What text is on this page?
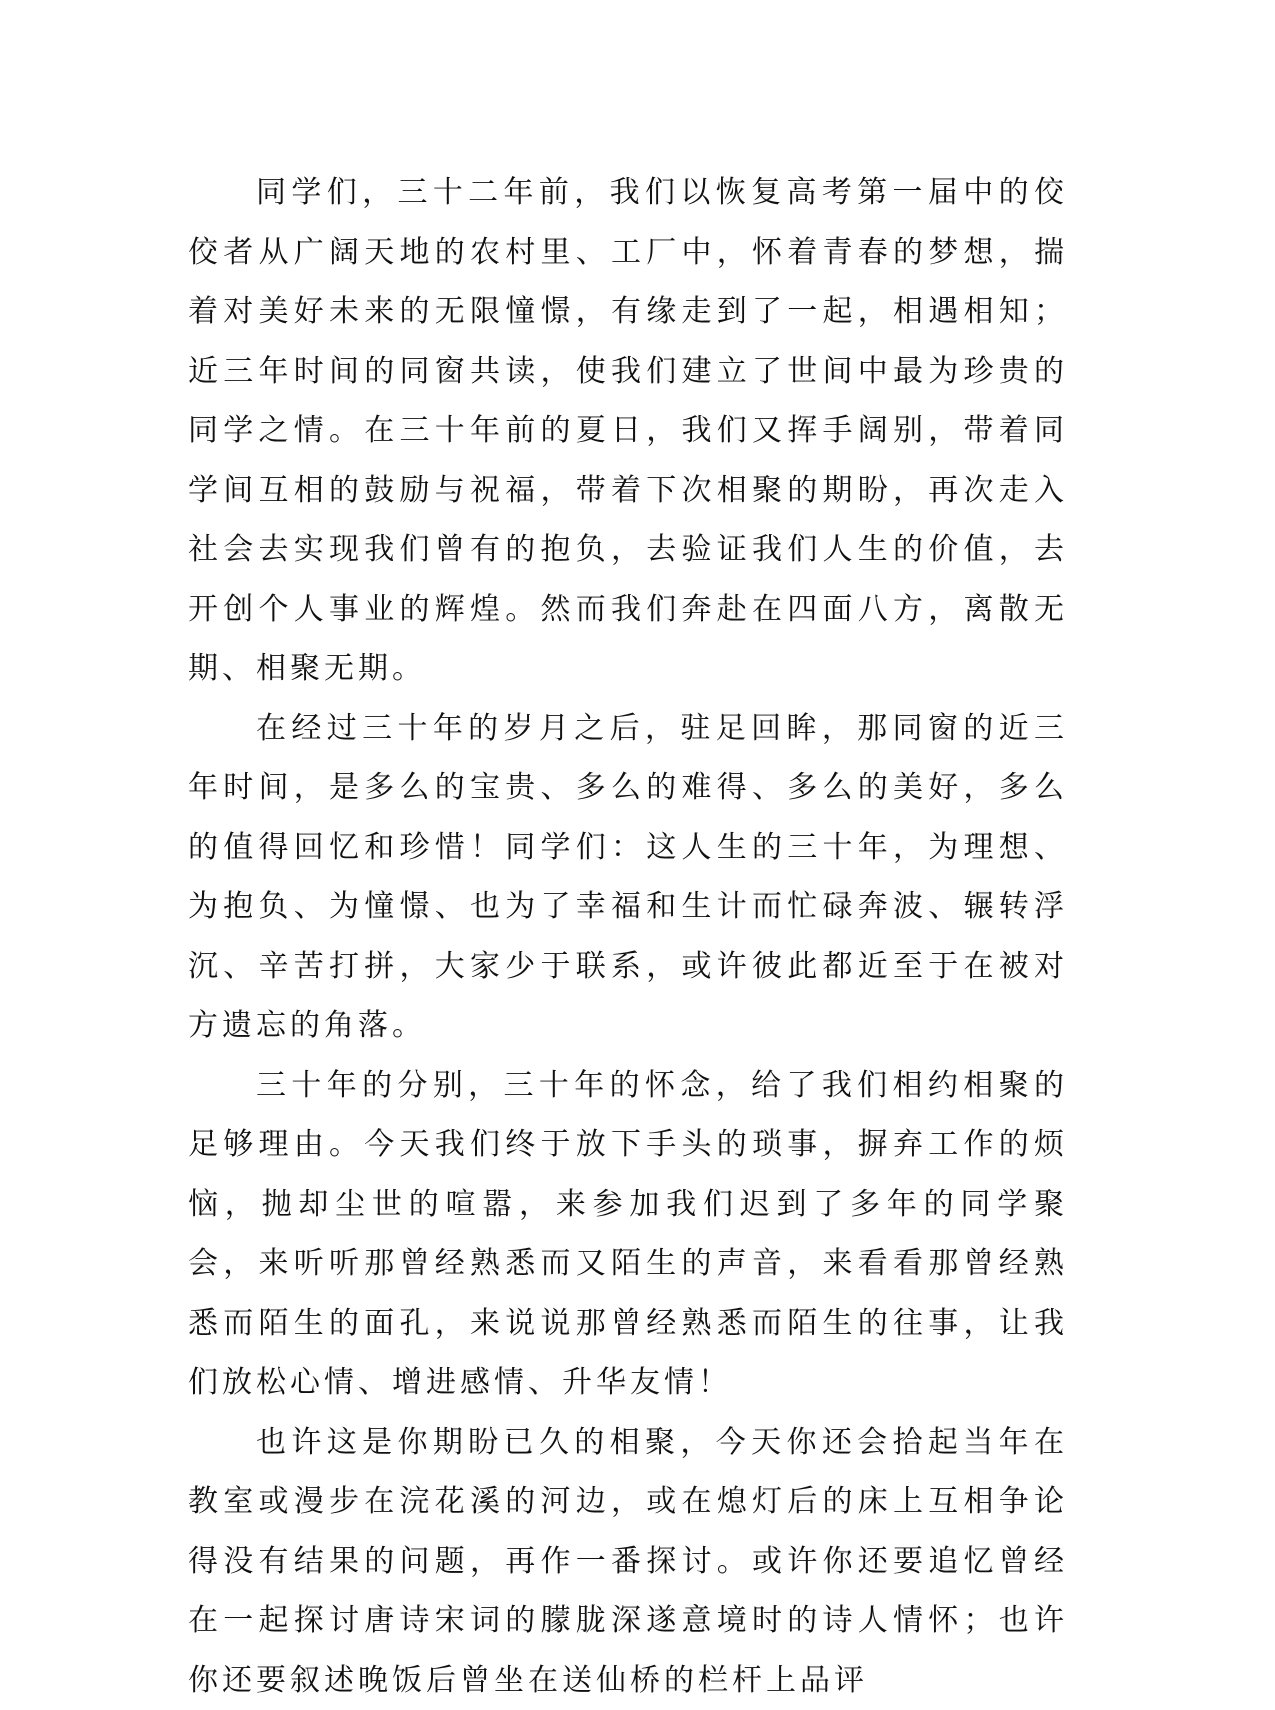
同学们，三十二年前，我们以恢复高考第一届中的佼佼者从广阔天地的农村里、工厂中，怀着青春的梦想，揣着对美好未来的无限憧憬，有缘走到了一起，相遇相知；近三年时间的同窗共读，使我们建立了世间中最为珍贵的同学之情。在三十年前的夏日，我们又挥手阔别，带着同学间互相的鼓励与祝福，带着下次相聚的期盼，再次走入社会去实现我们曾有的抱负，去验证我们人生的价值，去开创个人事业的辉煌。然而我们奔赴在四面八方，离散无期、相聚无期。

在经过三十年的岁月之后，驻足回眸，那同窗的近三年时间，是多么的宝贵、多么的难得、多么的美好，多么的值得回忆和珍惜！同学们：这人生的三十年，为理想、为抱负、为憧憬、也为了幸福和生计而忙碌奔波、辗转浮沉、辛苦打拼，大家少于联系，或许彼此都近至于在被对方遗忘的角落。

三十年的分别，三十年的怀念，给了我们相约相聚的足够理由。今天我们终于放下手头的琐事，摒弃工作的烦恼，抛却尘世的喧嚣，来参加我们迟到了多年的同学聚会，来听听那曾经熟悉而又陌生的声音，来看看那曾经熟悉而陌生的面孔，来说说那曾经熟悉而陌生的往事，让我们放松心情、增进感情、升华友情！

也许这是你期盼已久的相聚，今天你还会拾起当年在教室或漫步在浣花溪的河边，或在熄灯后的床上互相争论得没有结果的问题，再作一番探讨。或许你还要追忆曾经在一起探讨唐诗宋词的朦胧深遂意境时的诗人情怀；也许你还要叙述晚饭后曾坐在送仙桥的栏杆上品评
